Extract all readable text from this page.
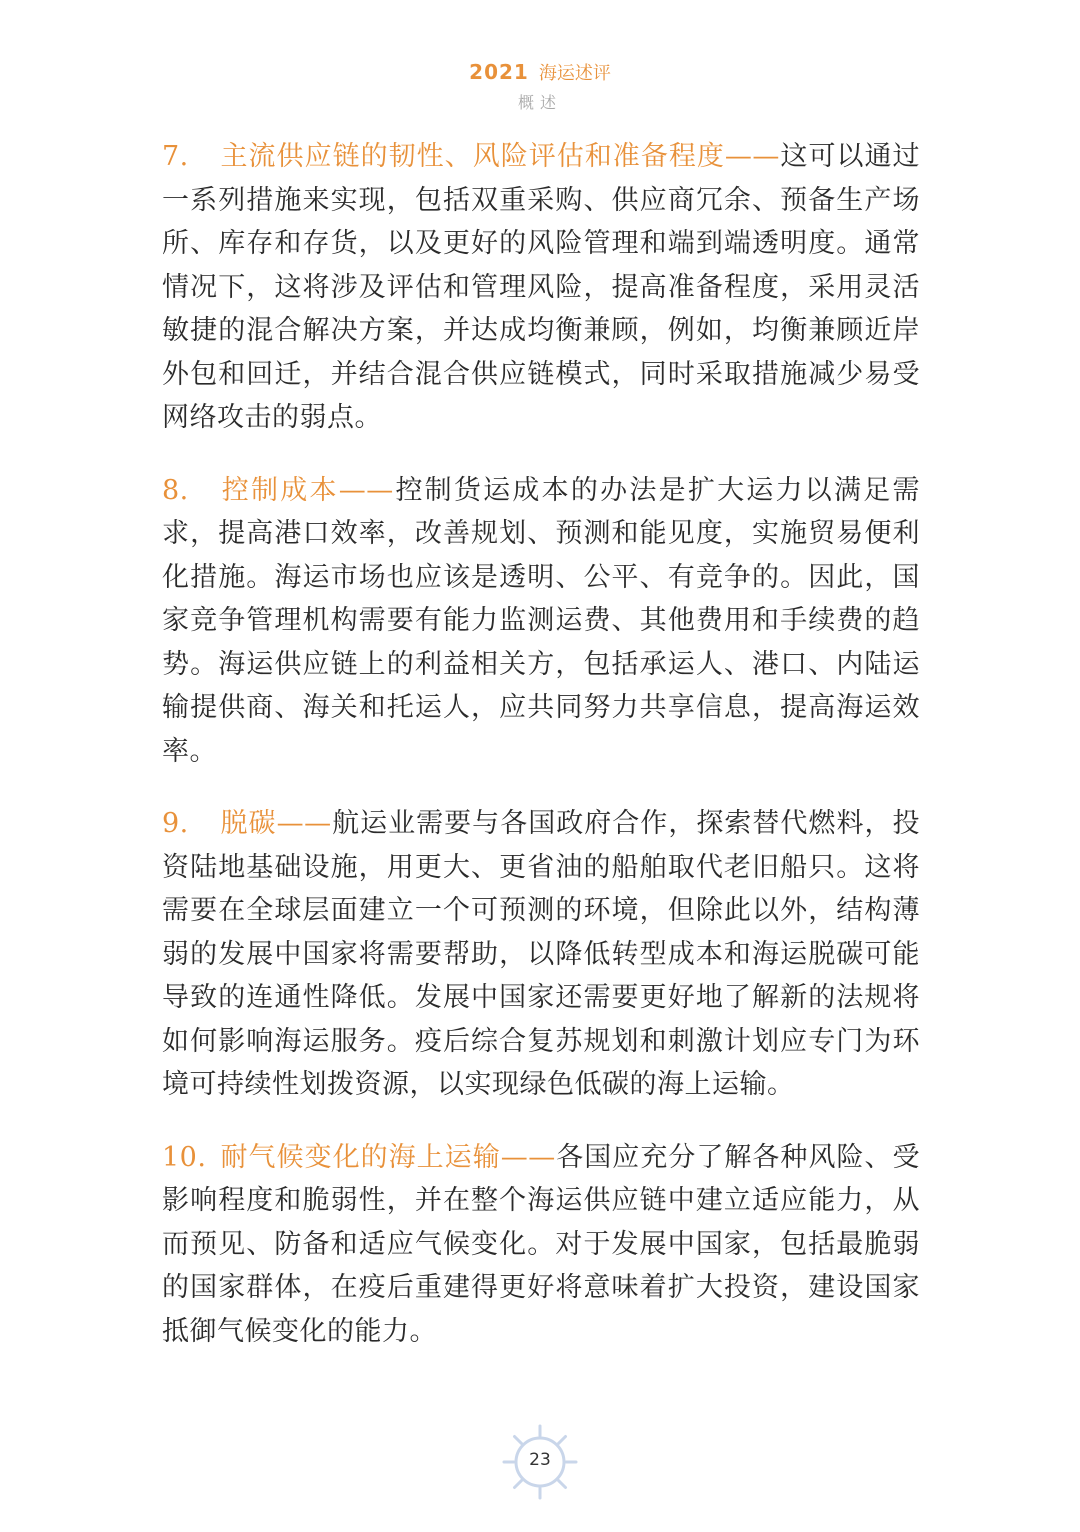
2021 海运述评
概述

7. 主流供应链的韧性、风险评估和准备程度——这可以通过一系列措施来实现，包括双重采购、供应商冗余、预备生产场所、库存和存货，以及更好的风险管理和端到端透明度。通常情况下，这将涉及评估和管理风险，提高准备程度，采用灵活敏捷的混合解决方案，并达成均衡兼顾，例如，均衡兼顾近岸外包和回迁，并结合混合供应链模式，同时采取措施减少易受网络攻击的弱点。

8. 控制成本——控制货运成本的办法是扩大运力以满足需求，提高港口效率，改善规划、预测和能见度，实施贸易便利化措施。海运市场也应该是透明、公平、有竞争的。因此，国家竞争管理机构需要有能力监测运费、其他费用和手续费的趋势。海运供应链上的利益相关方，包括承运人、港口、内陆运输提供商、海关和托运人，应共同努力共享信息，提高海运效率。

9. 脱碳——航运业需要与各国政府合作，探索替代燃料，投资陆地基础设施，用更大、更省油的船舶取代老旧船只。这将需要在全球层面建立一个可预测的环境，但除此以外，结构薄弱的发展中国家将需要帮助，以降低转型成本和海运脱碳可能导致的连通性降低。发展中国家还需要更好地了解新的法规将如何影响海运服务。疫后综合复苏规划和刺激计划应专门为环境可持续性划拨资源，以实现绿色低碳的海上运输。

10. 耐气候变化的海上运输——各国应充分了解各种风险、受影响程度和脆弱性，并在整个海运供应链中建立适应能力，从而预见、防备和适应气候变化。对于发展中国家，包括最脆弱的国家群体，在疫后重建得更好将意味着扩大投资，建设国家抵御气候变化的能力。

23
